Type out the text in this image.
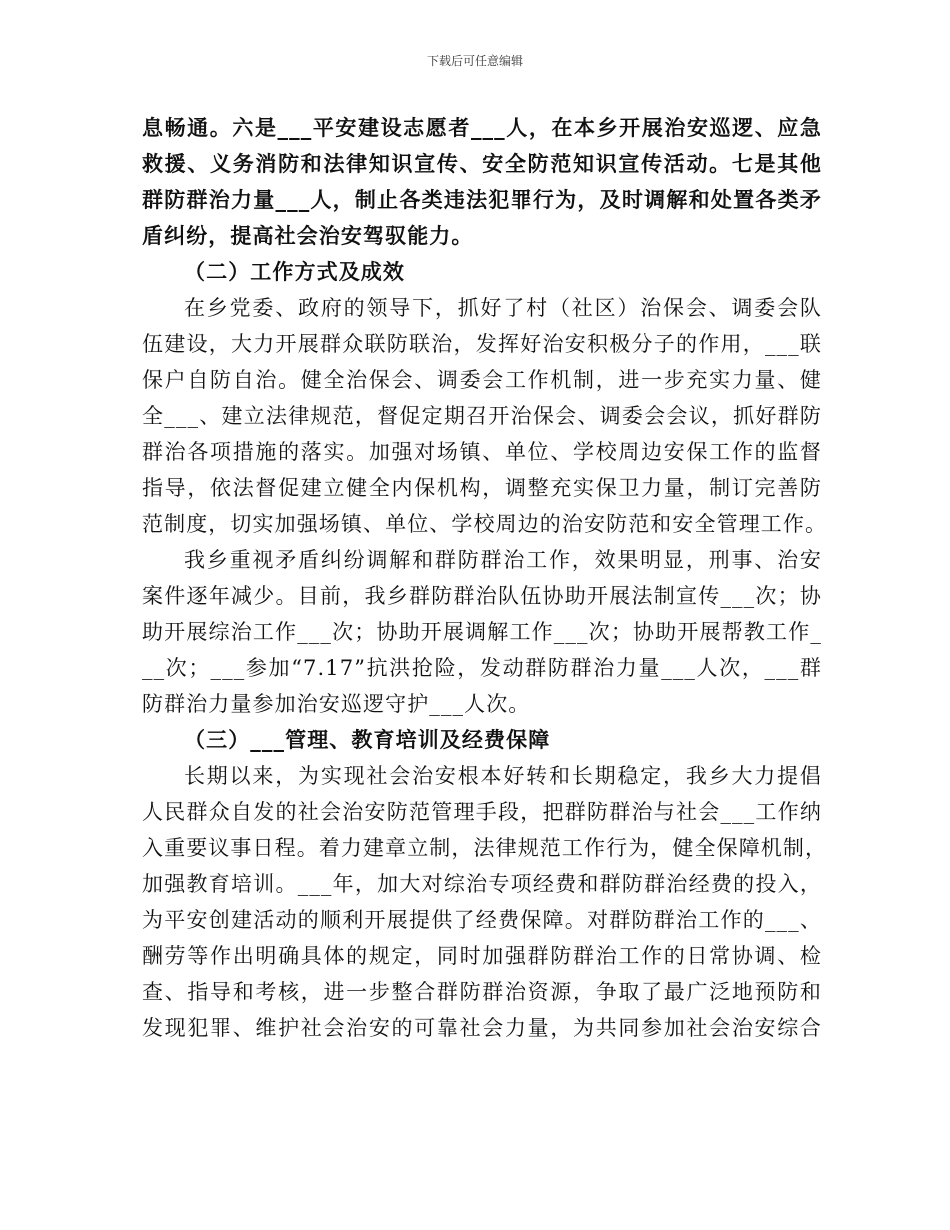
下载后可任意编辑
息畅通。六是___平安建设志愿者___人，在本乡开展治安巡逻、应急
救援、义务消防和法律知识宣传、安全防范知识宣传活动。七是其他
群防群治力量___人，制止各类违法犯罪行为，及时调解和处置各类矛
盾纠纷，提高社会治安驾驭能力。
（二）工作方式及成效
在乡党委、政府的领导下，抓好了村（社区）治保会、调委会队
伍建设，大力开展群众联防联治，发挥好治安积极分子的作用，___联
保户自防自治。健全治保会、调委会工作机制，进一步充实力量、健
全___、建立法律规范，督促定期召开治保会、调委会会议，抓好群防
群治各项措施的落实。加强对场镇、单位、学校周边安保工作的监督
指导，依法督促建立健全内保机构，调整充实保卫力量，制订完善防
范制度，切实加强场镇、单位、学校周边的治安防范和安全管理工作。
我乡重视矛盾纠纷调解和群防群治工作，效果明显，刑事、治安
案件逐年减少。目前，我乡群防群治队伍协助开展法制宣传___次；协
助开展综治工作___次；协助开展调解工作___次；协助开展帮教工作_
__次；___参加“7.17”抗洪抢险，发动群防群治力量___人次，___群
防群治力量参加治安巡逻守护___人次。
（三）___管理、教育培训及经费保障
长期以来，为实现社会治安根本好转和长期稳定，我乡大力提倡
人民群众自发的社会治安防范管理手段，把群防群治与社会___工作纳
入重要议事日程。着力建章立制，法律规范工作行为，健全保障机制，
加强教育培训。___年，加大对综治专项经费和群防群治经费的投入，
为平安创建活动的顺利开展提供了经费保障。对群防群治工作的___、
酬劳等作出明确具体的规定，同时加强群防群治工作的日常协调、检
查、指导和考核，进一步整合群防群治资源，争取了最广泛地预防和
发现犯罪、维护社会治安的可靠社会力量，为共同参加社会治安综合
